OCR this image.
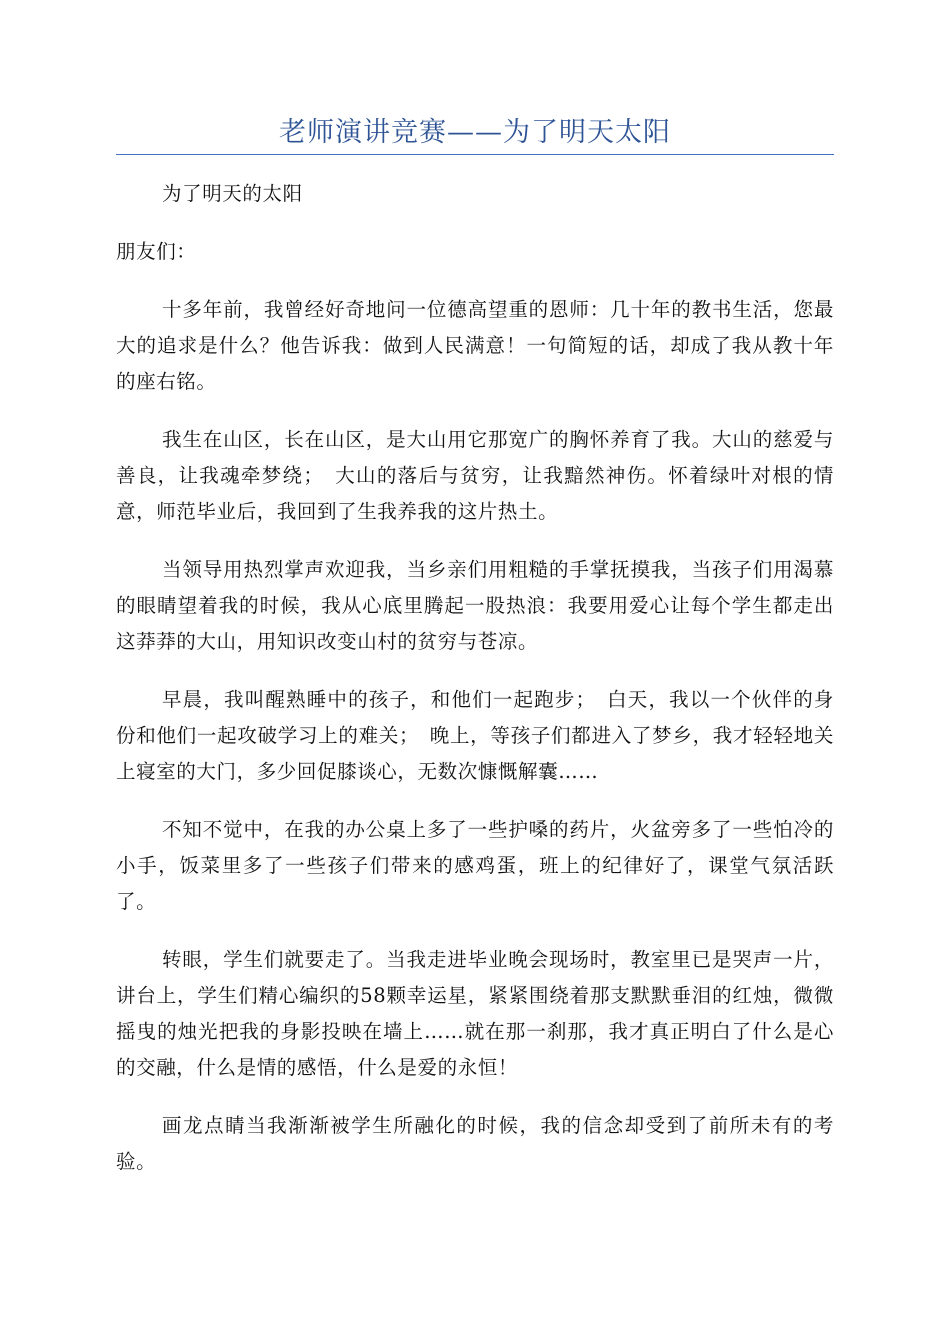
老师演讲竞赛——为了明天太阳

为了明天的太阳

朋友们：

十多年前，我曾经好奇地问一位德高望重的恩师：几十年的教书生活，您最大的追求是什么？他告诉我：做到人民满意！一句简短的话，却成了我从教十年的座右铭。

我生在山区，长在山区，是大山用它那宽广的胸怀养育了我。大山的慈爱与善良，让我魂牵梦绕；　大山的落后与贫穷，让我黯然神伤。怀着绿叶对根的情意，师范毕业后，我回到了生我养我的这片热土。

当领导用热烈掌声欢迎我，当乡亲们用粗糙的手掌抚摸我，当孩子们用渴慕的眼睛望着我的时候，我从心底里腾起一股热浪：我要用爱心让每个学生都走出这莽莽的大山，用知识改变山村的贫穷与苍凉。

早晨，我叫醒熟睡中的孩子，和他们一起跑步；　白天，我以一个伙伴的身份和他们一起攻破学习上的难关；　晚上，等孩子们都进入了梦乡，我才轻轻地关上寝室的大门，多少回促膝谈心，无数次慷慨解囊……

不知不觉中，在我的办公桌上多了一些护嗓的药片，火盆旁多了一些怕冷的小手，饭菜里多了一些孩子们带来的感鸡蛋，班上的纪律好了，课堂气氛活跃了。

转眼，学生们就要走了。当我走进毕业晚会现场时，教室里已是哭声一片，讲台上，学生们精心编织的58颗幸运星，紧紧围绕着那支默默垂泪的红烛，微微摇曳的烛光把我的身影投映在墙上……就在那一刹那，我才真正明白了什么是心的交融，什么是情的感悟，什么是爱的永恒！

画龙点睛当我渐渐被学生所融化的时候，我的信念却受到了前所未有的考验。
